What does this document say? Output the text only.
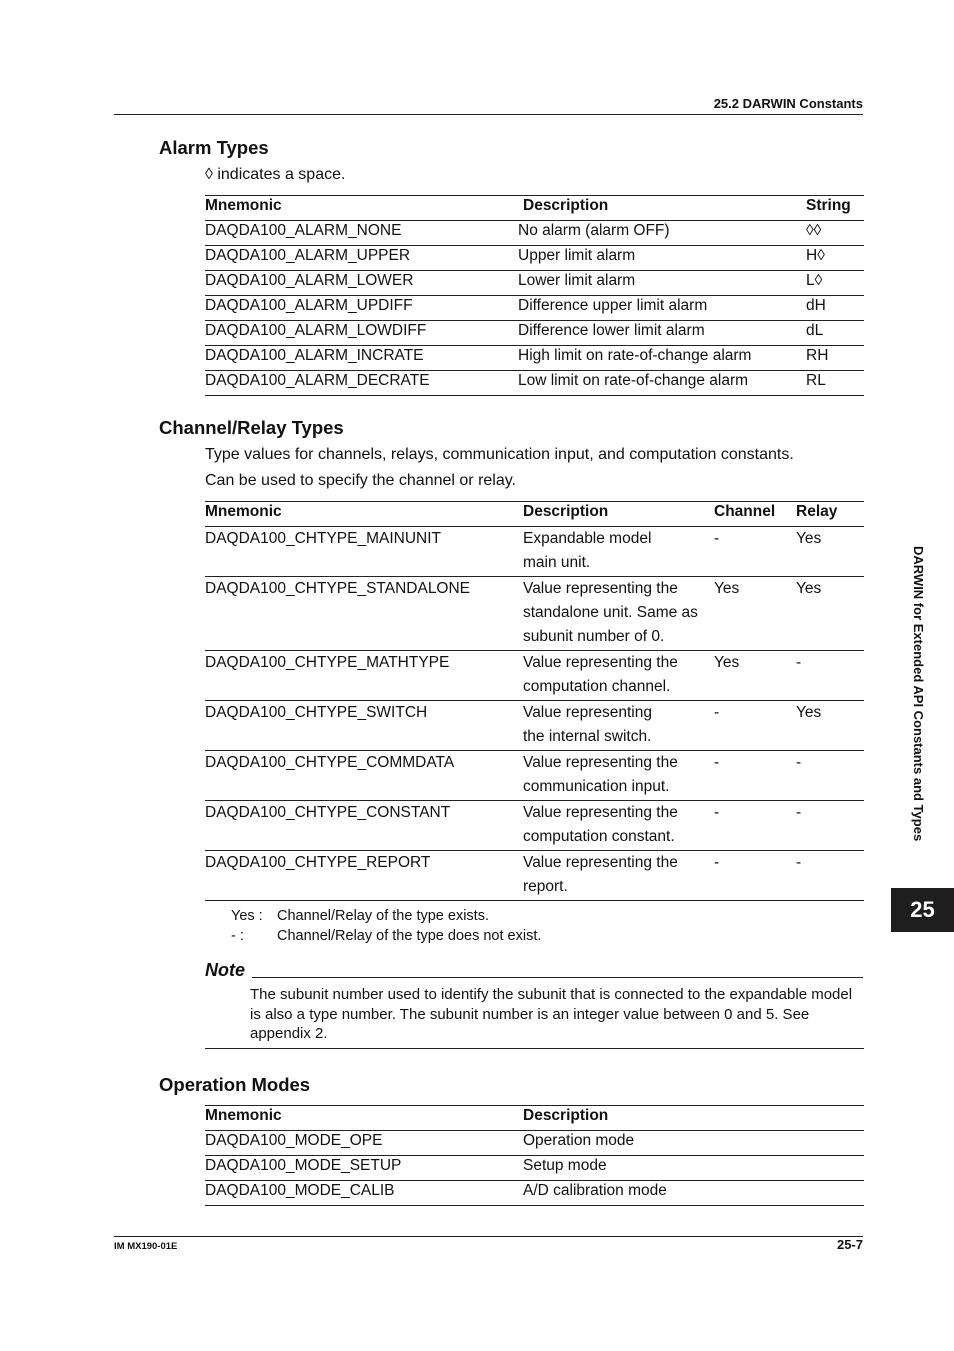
25.2 DARWIN Constants
Alarm Types

◊ indicates a space.

Mnemonic	Description	String
DAQDA100_ALARM_NONE	No alarm (alarm OFF)	◊◊
DAQDA100_ALARM_UPPER	Upper limit alarm	H◊
DAQDA100_ALARM_LOWER	Lower limit alarm	L◊
DAQDA100_ALARM_UPDIFF	Difference upper limit alarm	dH
DAQDA100_ALARM_LOWDIFF	Difference lower limit alarm	dL
DAQDA100_ALARM_INCRATE	High limit on rate-of-change alarm	RH
DAQDA100_ALARM_DECRATE	Low limit on rate-of-change alarm	RL
Channel/Relay Types

Type values for channels, relays, communication input, and computation constants.

Can be used to specify the channel or relay.

Mnemonic	Description	Channel	Relay
DAQDA100_CHTYPE_MAINUNIT	Expandable model
main unit.	-	Yes
DAQDA100_CHTYPE_STANDALONE	Value representing the
standalone unit. Same as
subunit number of 0.	Yes	Yes
DAQDA100_CHTYPE_MATHTYPE	Value representing the
computation channel.	Yes	-
DAQDA100_CHTYPE_SWITCH	Value representing
the internal switch.	-	Yes
DAQDA100_CHTYPE_COMMDATA	Value representing the
communication input.	-	-
DAQDA100_CHTYPE_CONSTANT	Value representing the
computation constant.	-	-
DAQDA100_CHTYPE_REPORT	Value representing the
report.	-	-
Yes : Channel/Relay of the type exists.
- : Channel/Relay of the type does not exist.
Note

The subunit number used to identify the subunit that is connected to the expandable model is also a type number. The subunit number is an integer value between 0 and 5. See appendix 2.

Operation Modes
Mnemonic	Description
DAQDA100_MODE_OPE	Operation mode
DAQDA100_MODE_SETUP	Setup mode
DAQDA100_MODE_CALIB	A/D calibration mode
DARWIN for Extended API Constants and Types
25
IM MX190-01E	25-7
